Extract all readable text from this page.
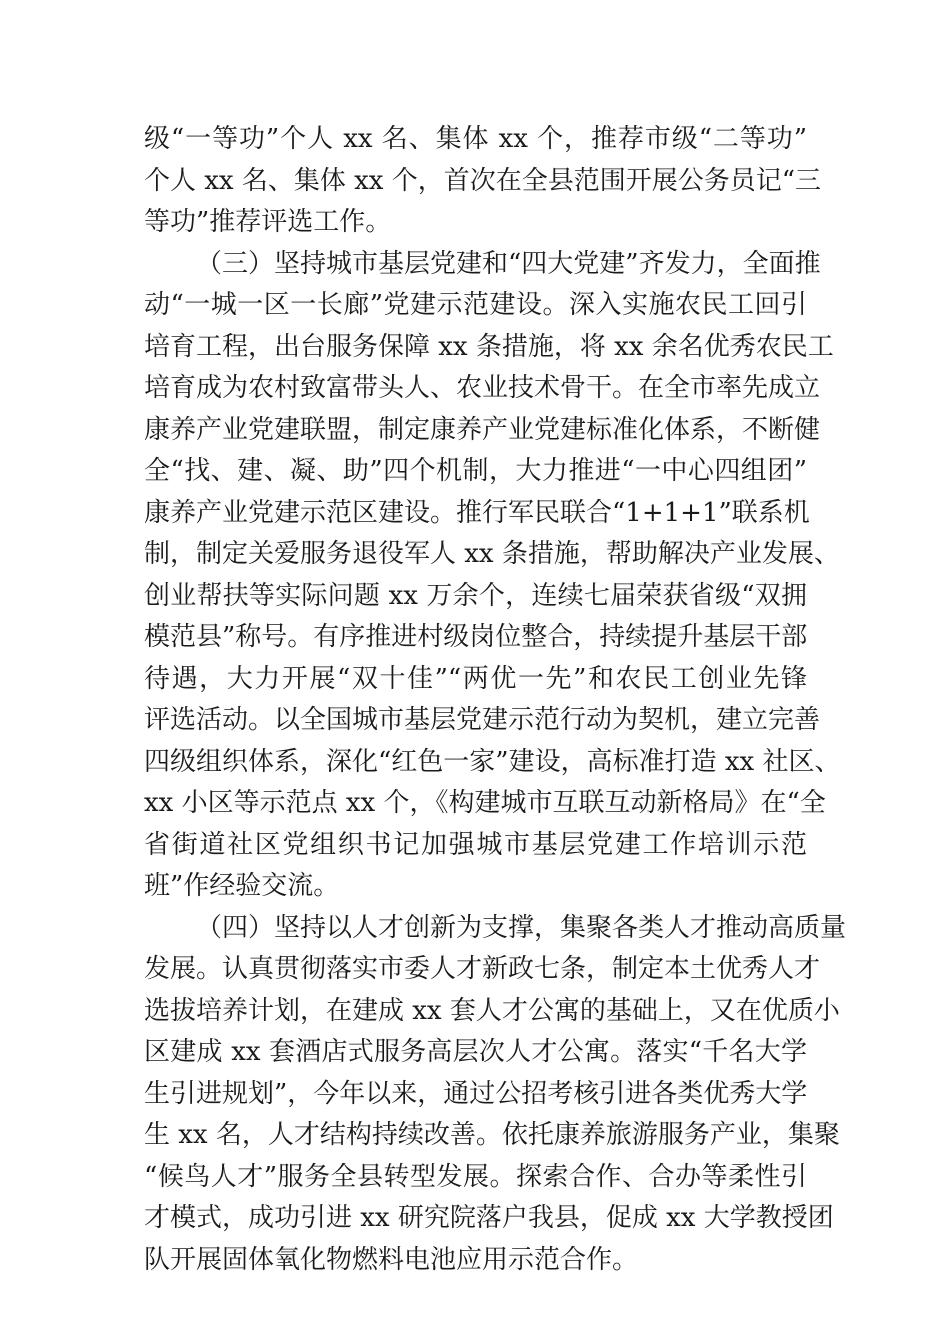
级“一等功”个人 xx 名、集体 xx 个，推荐市级“二等功”
个人 xx 名、集体 xx 个，首次在全县范围开展公务员记“三
等功”推荐评选工作。
（三）坚持城市基层党建和“四大党建”齐发力，全面推
动“一城一区一长廊”党建示范建设。深入实施农民工回引
培育工程，出台服务保障 xx 条措施，将 xx 余名优秀农民工
培育成为农村致富带头人、农业技术骨干。在全市率先成立
康养产业党建联盟，制定康养产业党建标准化体系，不断健
全“找、建、凝、助”四个机制，大力推进“一中心四组团”
康养产业党建示范区建设。推行军民联合“1+1+1”联系机
制，制定关爱服务退役军人 xx 条措施，帮助解决产业发展、
创业帮扶等实际问题 xx 万余个，连续七届荣获省级“双拥
模范县”称号。有序推进村级岗位整合，持续提升基层干部
待遇，大力开展“双十佳”“两优一先”和农民工创业先锋
评选活动。以全国城市基层党建示范行动为契机，建立完善
四级组织体系，深化“红色一家”建设，高标准打造 xx 社区、
xx 小区等示范点 xx 个，《构建城市互联互动新格局》在“全
省街道社区党组织书记加强城市基层党建工作培训示范
班”作经验交流。
（四）坚持以人才创新为支撑，集聚各类人才推动高质量
发展。认真贯彻落实市委人才新政七条，制定本土优秀人才
选拔培养计划，在建成 xx 套人才公寓的基础上，又在优质小
区建成 xx 套酒店式服务高层次人才公寓。落实“千名大学
生引进规划”，今年以来，通过公招考核引进各类优秀大学
生 xx 名，人才结构持续改善。依托康养旅游服务产业，集聚
“候鸟人才”服务全县转型发展。探索合作、合办等柔性引
才模式，成功引进 xx 研究院落户我县，促成 xx 大学教授团
队开展固体氧化物燃料电池应用示范合作。
